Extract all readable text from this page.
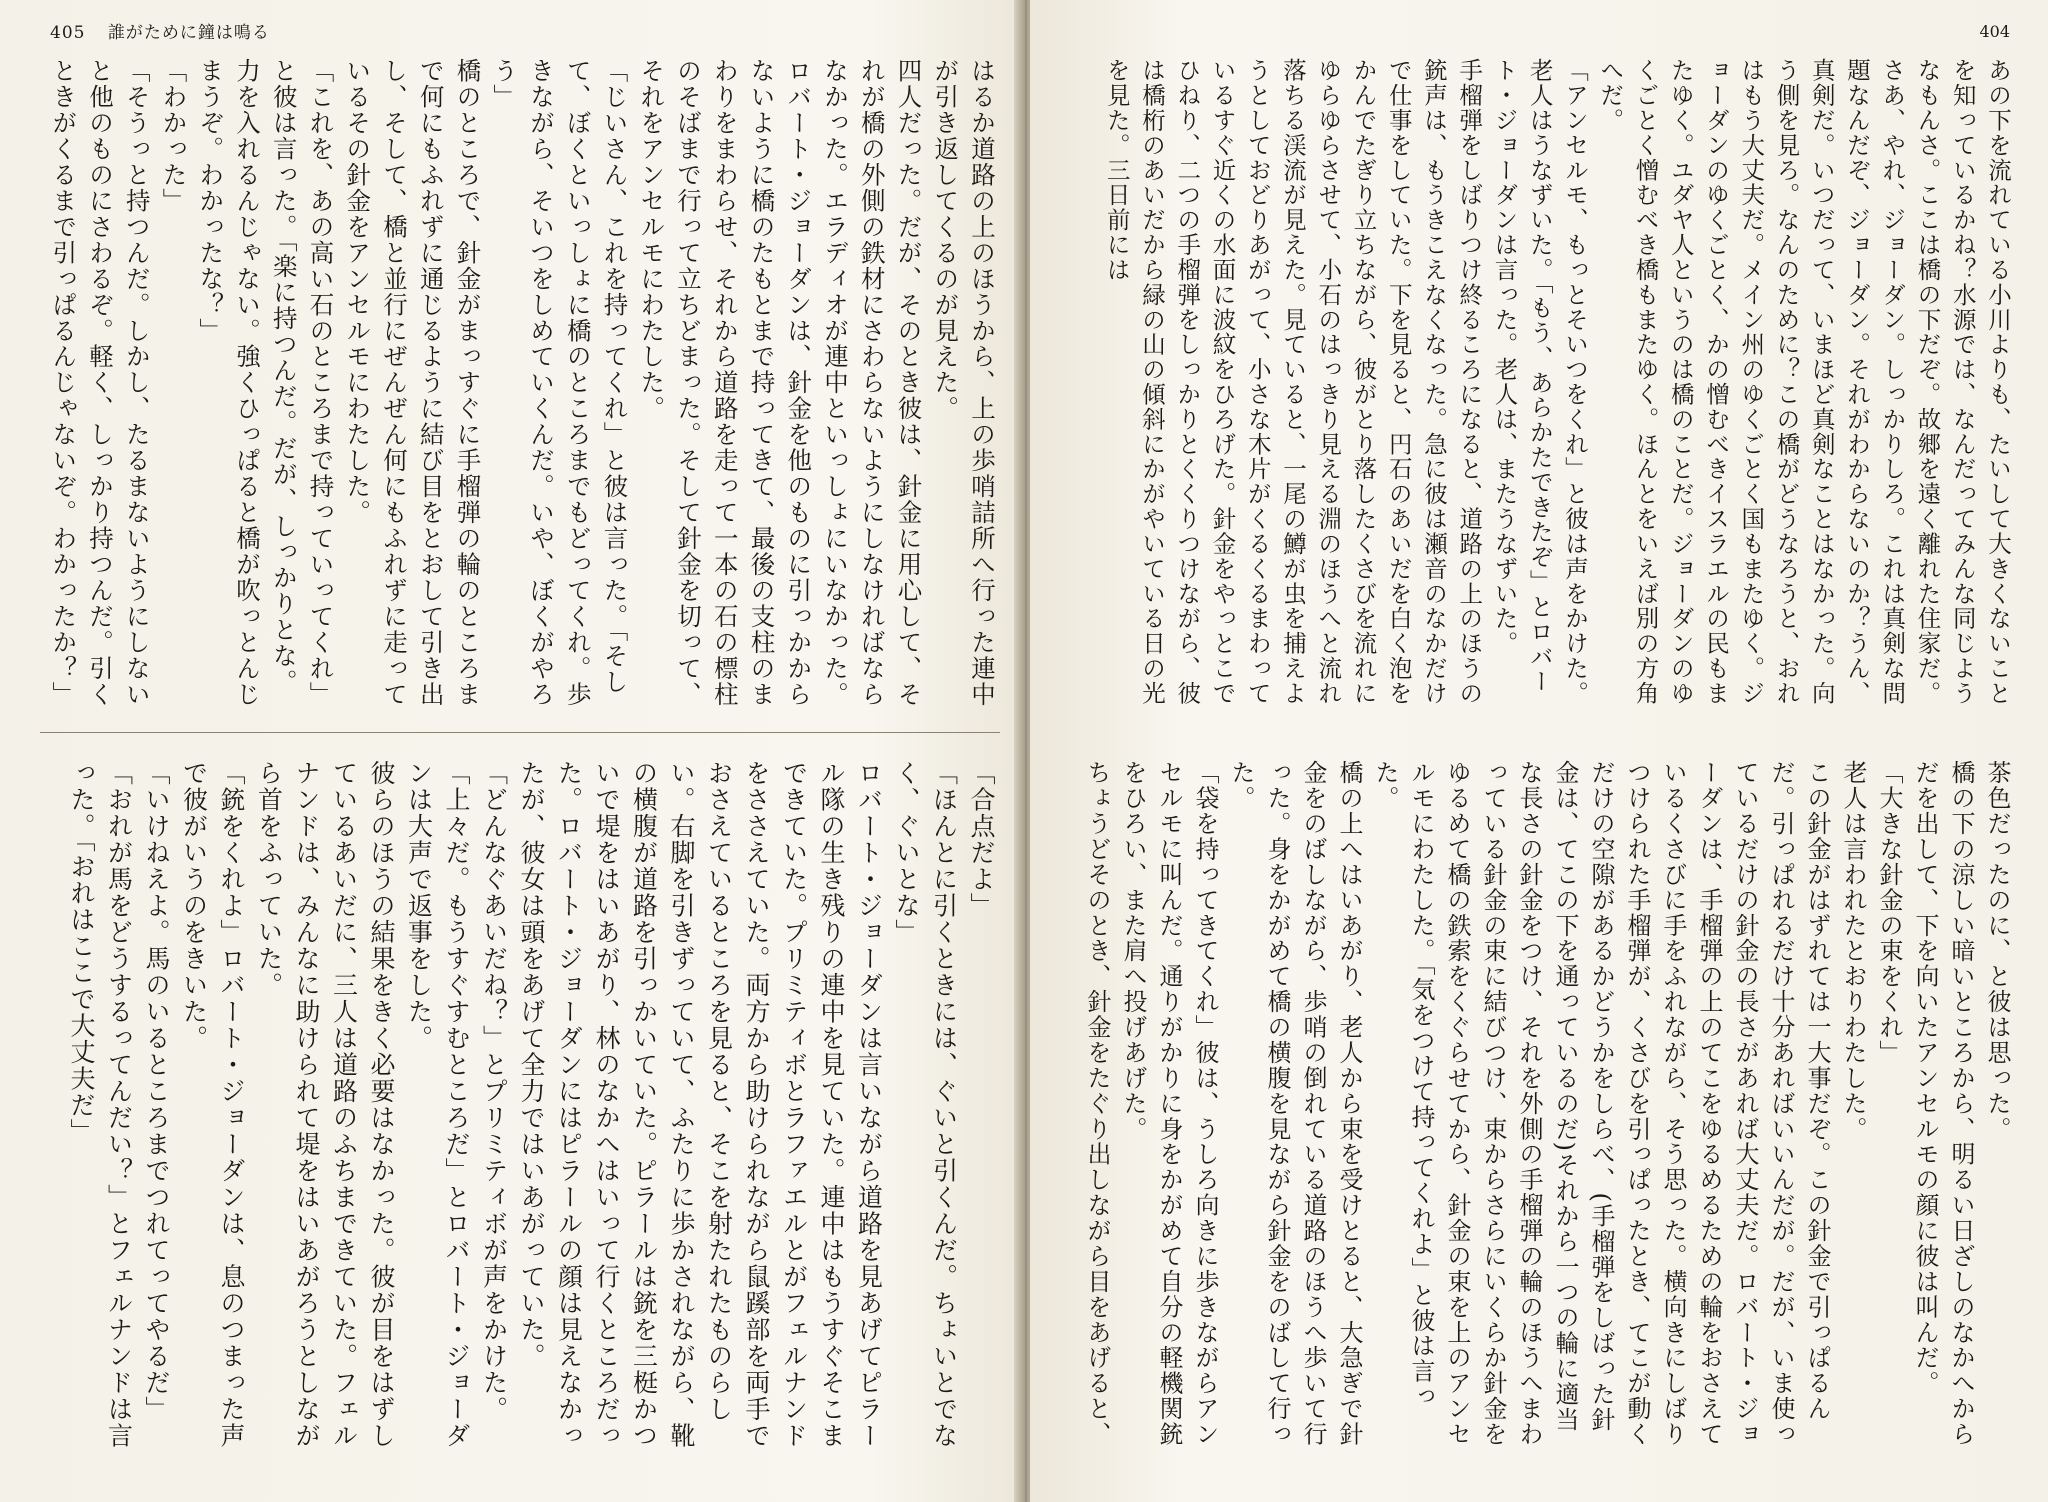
405 誰がために鐘は鳴る

はるか道路の上のほうから、上の歩哨詰所へ行った連中が引き返してくるのが見えた。

四人だった。だが、そのとき彼は、針金に用心して、それが橋の外側の鉄材にさわらないようにしなければならなかった。エラディオが連中といっしょにいなかった。

ロバート・ジョーダンは、針金を他のものに引っかからないように橋のたもとまで持ってきて、最後の支柱のまわりをまわらせ、それから道路を走って一本の石の標柱のそばまで行って立ちどまった。そして針金を切って、それをアンセルモにわたした。

「じいさん、これを持ってくれ」と彼は言った。「そして、ぼくといっしょに橋のところまでもどってくれ。歩きながら、そいつをしめていくんだ。いや、ぼくがやろう」

橋のところで、針金がまっすぐに手榴弾の輪のところまで何にもふれずに通じるように結び目をとおして引き出し、そして、橋と並行にぜんぜん何にもふれずに走っているその針金をアンセルモにわたした。

「これを、あの高い石のところまで持っていってくれ」と彼は言った。「楽に持つんだ。だが、しっかりとな。力を入れるんじゃない。強くひっぱると橋が吹っとんじまうぞ。わかったな？」

「わかった」

「そうっと持つんだ。しかし、たるまないようにしないと他のものにさわるぞ。軽く、しっかり持つんだ。引くときがくるまで引っぱるんじゃないぞ。わかったか？」

「合点だよ」

「ほんとに引くときには、ぐいと引くんだ。ちょいとでなく、ぐいとな」

ロバート・ジョーダンは言いながら道路を見あげてピラール隊の生き残りの連中を見ていた。連中はもうすぐそこまできていた。プリミティボとラファエルとがフェルナンドをささえていた。両方から助けられながら鼠蹊部を両手でおさえているところを見ると、そこを射たれたものらしい。右脚を引きずっていて、ふたりに歩かされながら、靴の横腹が道路を引っかいていた。ピラールは銃を三梃かついで堤をはいあがり、林のなかへはいって行くところだった。ロバート・ジョーダンにはピラールの顔は見えなかったが、彼女は頭をあげて全力ではいあがっていた。

「どんなぐあいだね？」とプリミティボが声をかけた。

「上々だ。もうすぐすむところだ」とロバート・ジョーダンは大声で返事をした。

彼らのほうの結果をきく必要はなかった。彼が目をはずしているあいだに、三人は道路のふちまできていた。フェルナンドは、みんなに助けられて堤をはいあがろうとしながら首をふっていた。

「銃をくれよ」ロバート・ジョーダンは、息のつまった声で彼がいうのをきいた。

「いけねえよ。馬のいるところまでつれてってやるだ」

「おれが馬をどうするってんだい？」とフェルナンドは言った。「おれはここで大丈夫だ」

404

あの下を流れている小川よりも、たいして大きくないことを知っているかね？水源では、なんだってみんな同じようなもんさ。ここは橋の下だぞ。故郷を遠く離れた住家だ。さあ、やれ、ジョーダン。しっかりしろ。これは真剣な問題なんだぞ、ジョーダン。それがわからないのか？うん、真剣だ。いつだって、いまほど真剣なことはなかった。向う側を見ろ。なんのために？この橋がどうなろうと、おれはもう大丈夫だ。メイン州のゆくごとく国もまたゆく。ジョーダンのゆくごとく、かの憎むべきイスラエルの民もまたゆく。ユダヤ人というのは橋のことだ。ジョーダンのゆくごとく憎むべき橋もまたゆく。ほんとをいえば別の方角へだ。

「アンセルモ、もっとそいつをくれ」と彼は声をかけた。老人はうなずいた。「もう、あらかたできたぞ」とロバート・ジョーダンは言った。老人は、またうなずいた。

手榴弾をしばりつけ終るころになると、道路の上のほうの銃声は、もうきこえなくなった。急に彼は瀬音のなかだけで仕事をしていた。下を見ると、円石のあいだを白く泡をかんでたぎり立ちながら、彼がとり落したくさびを流れにゆらゆらさせて、小石のはっきり見える淵のほうへと流れ落ちる渓流が見えた。見ていると、一尾の鱒が虫を捕えようとしておどりあがって、小さな木片がくるくるまわっているすぐ近くの水面に波紋をひろげた。針金をやっとこでひねり、二つの手榴弾をしっかりとくくりつけながら、彼は橋桁のあいだから緑の山の傾斜にかがやいている日の光を見た。三日前には

茶色だったのに、と彼は思った。

橋の下の涼しい暗いところから、明るい日ざしのなかへからだを出して、下を向いたアンセルモの顔に彼は叫んだ。

「大きな針金の束をくれ」

老人は言われたとおりわたした。

この針金がはずれては一大事だぞ。この針金で引っぱるんだ。引っぱれるだけ十分あればいいんだが。だが、いま使っているだけの針金の長さがあれば大丈夫だ。ロバート・ジョーダンは、手榴弾の上のてこをゆるめるための輪をおさえているくさびに手をふれながら、そう思った。横向きにしばりつけられた手榴弾が、くさびを引っぱったとき、てこが動くだけの空隙があるかどうかをしらべ、(手榴弾をしばった針金は、てこの下を通っているのだ)それから一つの輪に適当な長さの針金をつけ、それを外側の手榴弾の輪のほうへまわっている針金の束に結びつけ、束からさらにいくらか針金をゆるめて橋の鉄索をくぐらせてから、針金の束を上のアンセルモにわたした。「気をつけて持ってくれよ」と彼は言った。

橋の上へはいあがり、老人から束を受けとると、大急ぎで針金をのばしながら、歩哨の倒れている道路のほうへ歩いて行った。身をかがめて橋の横腹を見ながら針金をのばして行った。

「袋を持ってきてくれ」彼は、うしろ向きに歩きながらアンセルモに叫んだ。通りがかりに身をかがめて自分の軽機関銃をひろい、また肩へ投げあげた。

ちょうどそのとき、針金をたぐり出しながら目をあげると、
